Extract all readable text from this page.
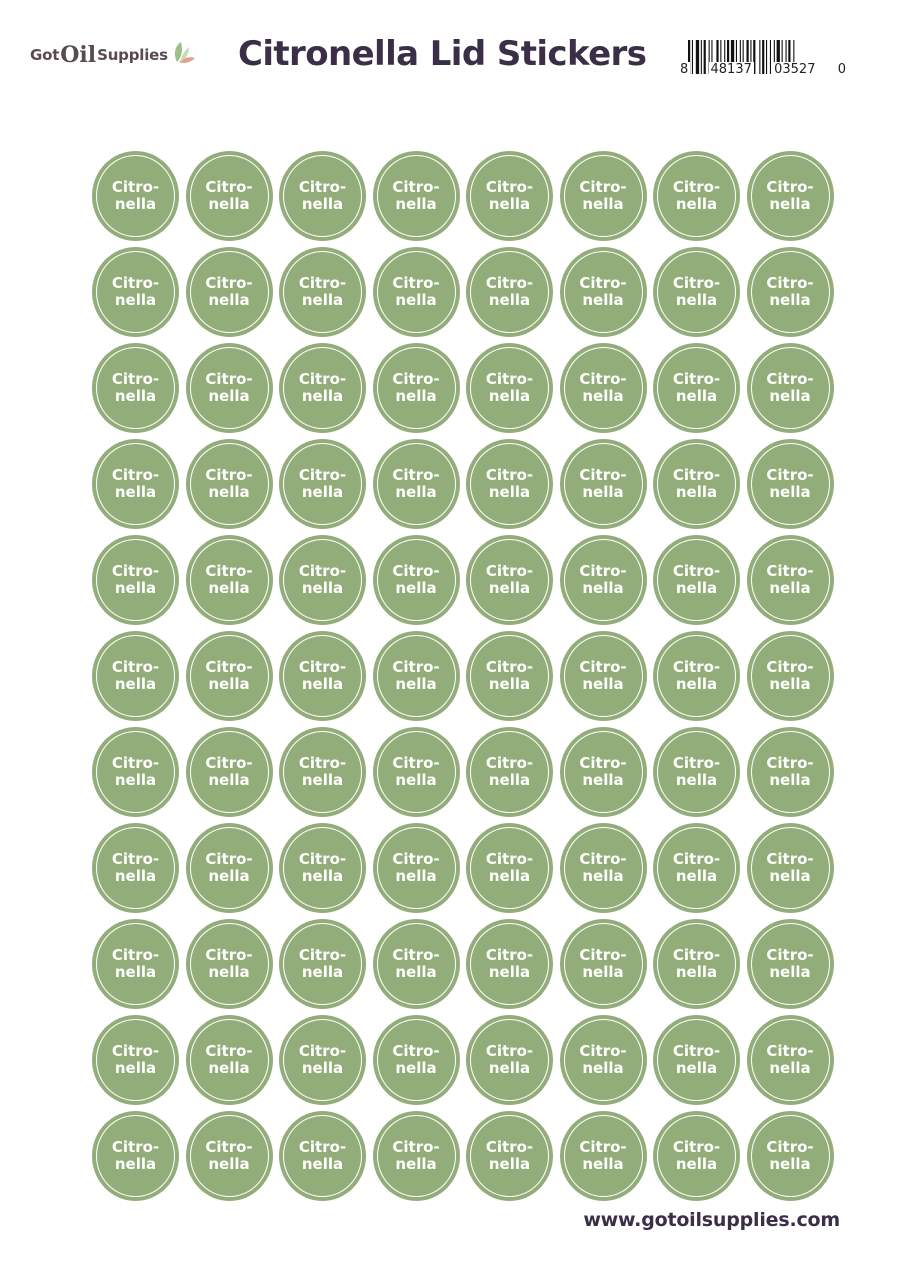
Got Oil Supplies Citronella Lid Stickers	8 48137 03527 0
Citro-
nella
Citro-
nella
Citro-
nella
Citro-
nella
Citro-
nella
Citro-
nella
Citro-
nella
Citro-
nella
Citro-
nella
Citro-
nella
Citro-
nella
Citro-
nella
Citro-
nella
Citro-
nella
Citro-
nella
Citro-
nella
Citro-
nella
Citro-
nella
Citro-
nella
Citro-
nella
Citro-
nella
Citro-
nella
Citro-
nella
Citro-
nella
Citro-
nella
Citro-
nella
Citro-
nella
Citro-
nella
Citro-
nella
Citro-
nella
Citro-
nella
Citro-
nella
Citro-
nella
Citro-
nella
Citro-
nella
Citro-
nella
Citro-
nella
Citro-
nella
Citro-
nella
Citro-
nella
Citro-
nella
Citro-
nella
Citro-
nella
Citro-
nella
Citro-
nella
Citro-
nella
Citro-
nella
Citro-
nella
Citro-
nella
Citro-
nella
Citro-
nella
Citro-
nella
Citro-
nella
Citro-
nella
Citro-
nella
Citro-
nella
Citro-
nella
Citro-
nella
Citro-
nella
Citro-
nella
Citro-
nella
Citro-
nella
Citro-
nella
Citro-
nella
Citro-
nella
Citro-
nella
Citro-
nella
Citro-
nella
Citro-
nella
Citro-
nella
Citro-
nella
Citro-
nella
Citro-
nella
Citro-
nella
Citro-
nella
Citro-
nella
Citro-
nella
Citro-
nella
Citro-
nella
Citro-
nella
Citro-
nella
Citro-
nella
Citro-
nella
Citro-
nella
Citro-
nella
Citro-
nella
Citro-
nella
Citro-
nella
www.gotoilsupplies.com
